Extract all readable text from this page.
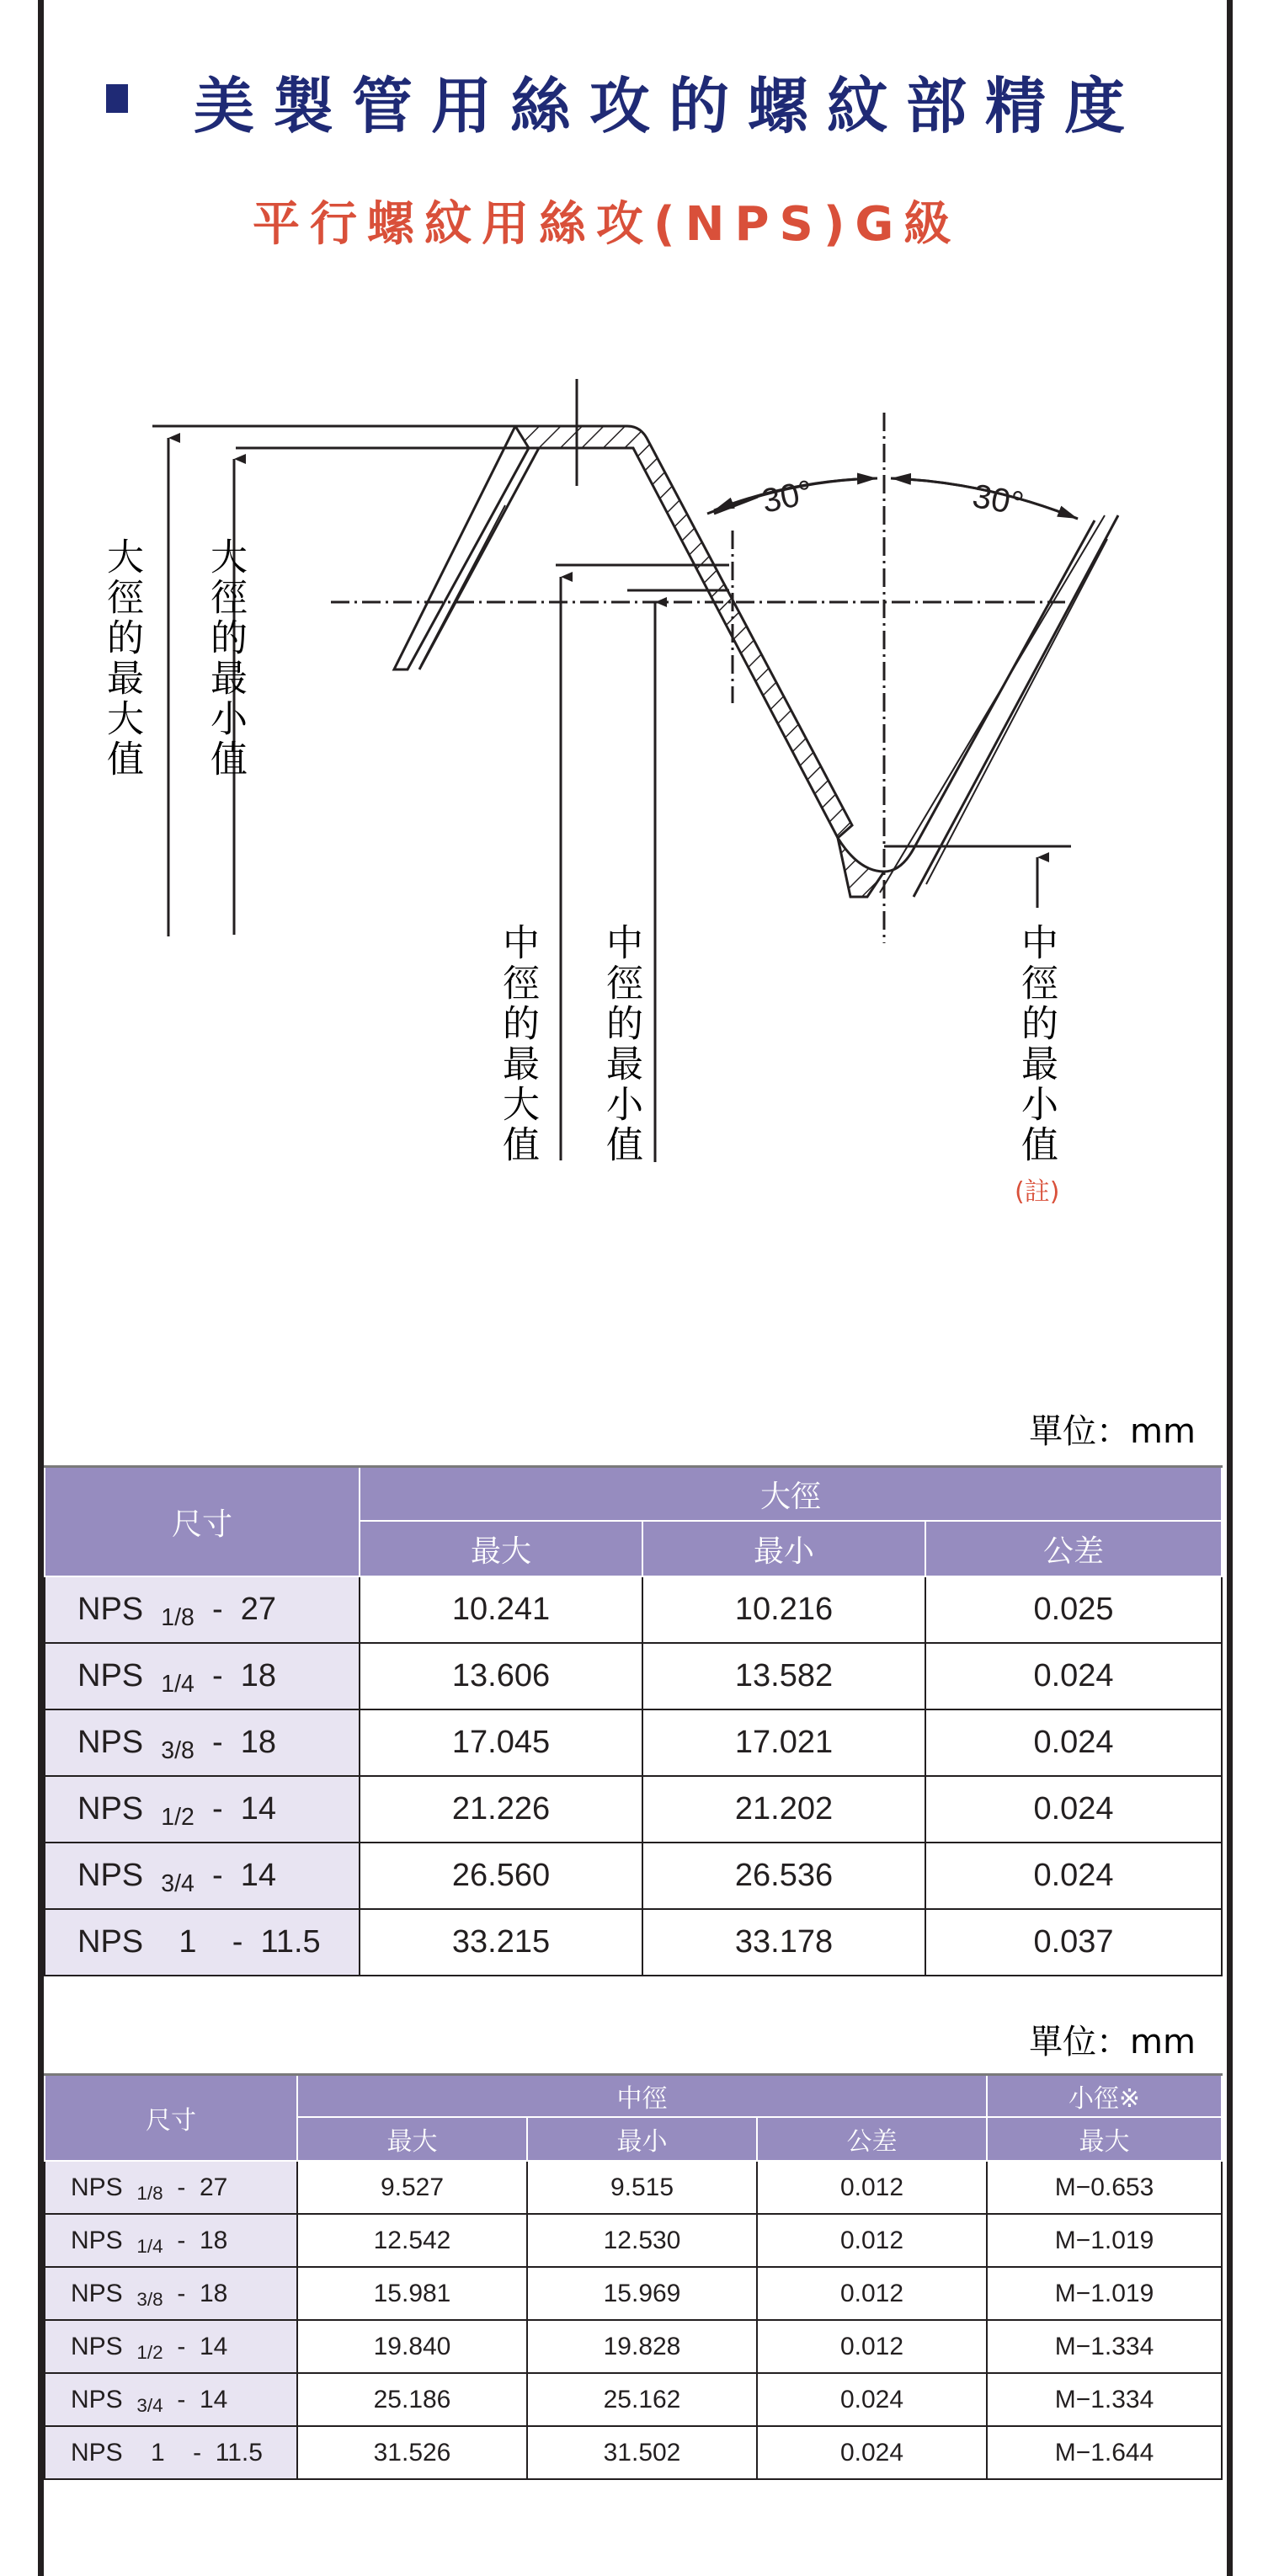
美製管用絲攻的螺紋部精度
平行螺紋用絲攻(NPS)G級
30°	30°
大徑的最大值 大徑的最小值
中徑的最大值 中徑的最小值	中徑的最小值
(註)
單位：mm
尺寸	大徑		
	最大	最小	公差
NPS 1/8 - 27	10.241	10.216	0.025
NPS 1/4 - 18	13.606	13.582	0.024
NPS 3/8 - 18	17.045	17.021	0.024
NPS 1/2 - 14	21.226	21.202	0.024
NPS 3/4 - 14	26.560	26.536	0.024
NPS 1 - 11.5	33.215	33.178	0.037
單位：mm
尺寸	中徑			小徑※
	最大	最小	公差	最大
NPS 1/8 - 27	9.527	9.515	0.012	M−0.653
NPS 1/4 - 18	12.542	12.530	0.012	M−1.019
NPS 3/8 - 18	15.981	15.969	0.012	M−1.019
NPS 1/2 - 14	19.840	19.828	0.012	M−1.334
NPS 3/4 - 14	25.186	25.162	0.024	M−1.334
NPS 1 - 11.5	31.526	31.502	0.024	M−1.644
